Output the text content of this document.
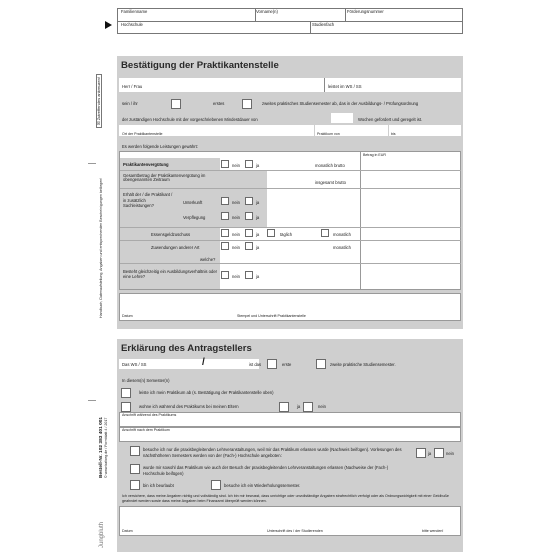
☒ Zutreffendes ankreuzen!
Handbuch, Datenaufstellung, Angaben und entsprechenden Bescheinigungen beiliegen!
Bestell-Nr. 102 383 401 001 © www.bafoeg.de / Formblatt 4 / 2017
Jungbluth
Familienname	Vorname(n)	Förderungsnummer
Hochschule	Studienfach
Bestätigung der Praktikantenstelle
Herr / Frau	leistet im WS / SS
sein / ihr	erstes	zweites praktisches Studiensemester ab, das in der Ausbildungs- / Prüfungsordnung
der zuständigen Hochschule mit der vorgeschriebenen Mindestdauer von	Wochen gefordert und geregelt ist.
Ort der Praktikantenstelle	Praktikum von	bis
Es werden folgende Leistungen gewährt:
Betrag in EUR
Praktikantenvergütung	nein	ja	monatlich brutto
Gesamtbetrag der Praktikantenvergütung im obengenannten Zeitraum
insgesamt brutto
Erhält der / die Praktikant / in zusätzlich Sachleistungen?
Unterkunft	nein	ja
Verpflegung	nein	ja
Essensgeldzuschuss	nein	ja	täglich	monatlich
Zuwendungen anderer Art	nein	ja	monatlich
welche?
Besteht gleichzeitig ein Ausbildungsverhältnis oder eine Lehre?	nein	ja
Datum	Stempel und Unterschrift Praktikantenstelle
Erklärung des Antragstellers
Das WS / SS	/	ist das	erste	zweite praktische Studiensemester.
In diesem(n) Semester(n)
leiste ich mein Praktikum ab (s. Bestätigung der Praktikantenstelle oben)
wohne ich während des Praktikums bei meinen Eltern	ja	nein
Anschrift während des Praktikums
Anschrift nach dem Praktikum
besuche ich nur die praxisbegleitenden Lehrveranstaltungen, weil mir das Praktikum erlassen wurde (Nachweis beifügen). Vorlesungen des nächsthöheren Semesters werden von der (Fach-) Hochschule angeboten:	ja	nein
wurde mir sowohl das Praktikum wie auch der Besuch der praxisbegleitenden Lehrveranstaltungen erlassen (Nachweise der (Fach-) Hochschule beifügen)
bin ich beurlaubt	besuche ich ein Wiederholungssemester.
Ich versichere, dass meine Angaben richtig und vollständig sind. Ich bin mir bewusst, dass unrichtige oder unvollständige Angaben strafrechtlich verfolgt oder als Ordnungswidrigkeit mit einer Geldbuße geahndet werden sowie dass meine Angaben beim Finanzamt überprüft werden können.
Datum	Unterschrift des / der Studierenden	bitte wenden!
